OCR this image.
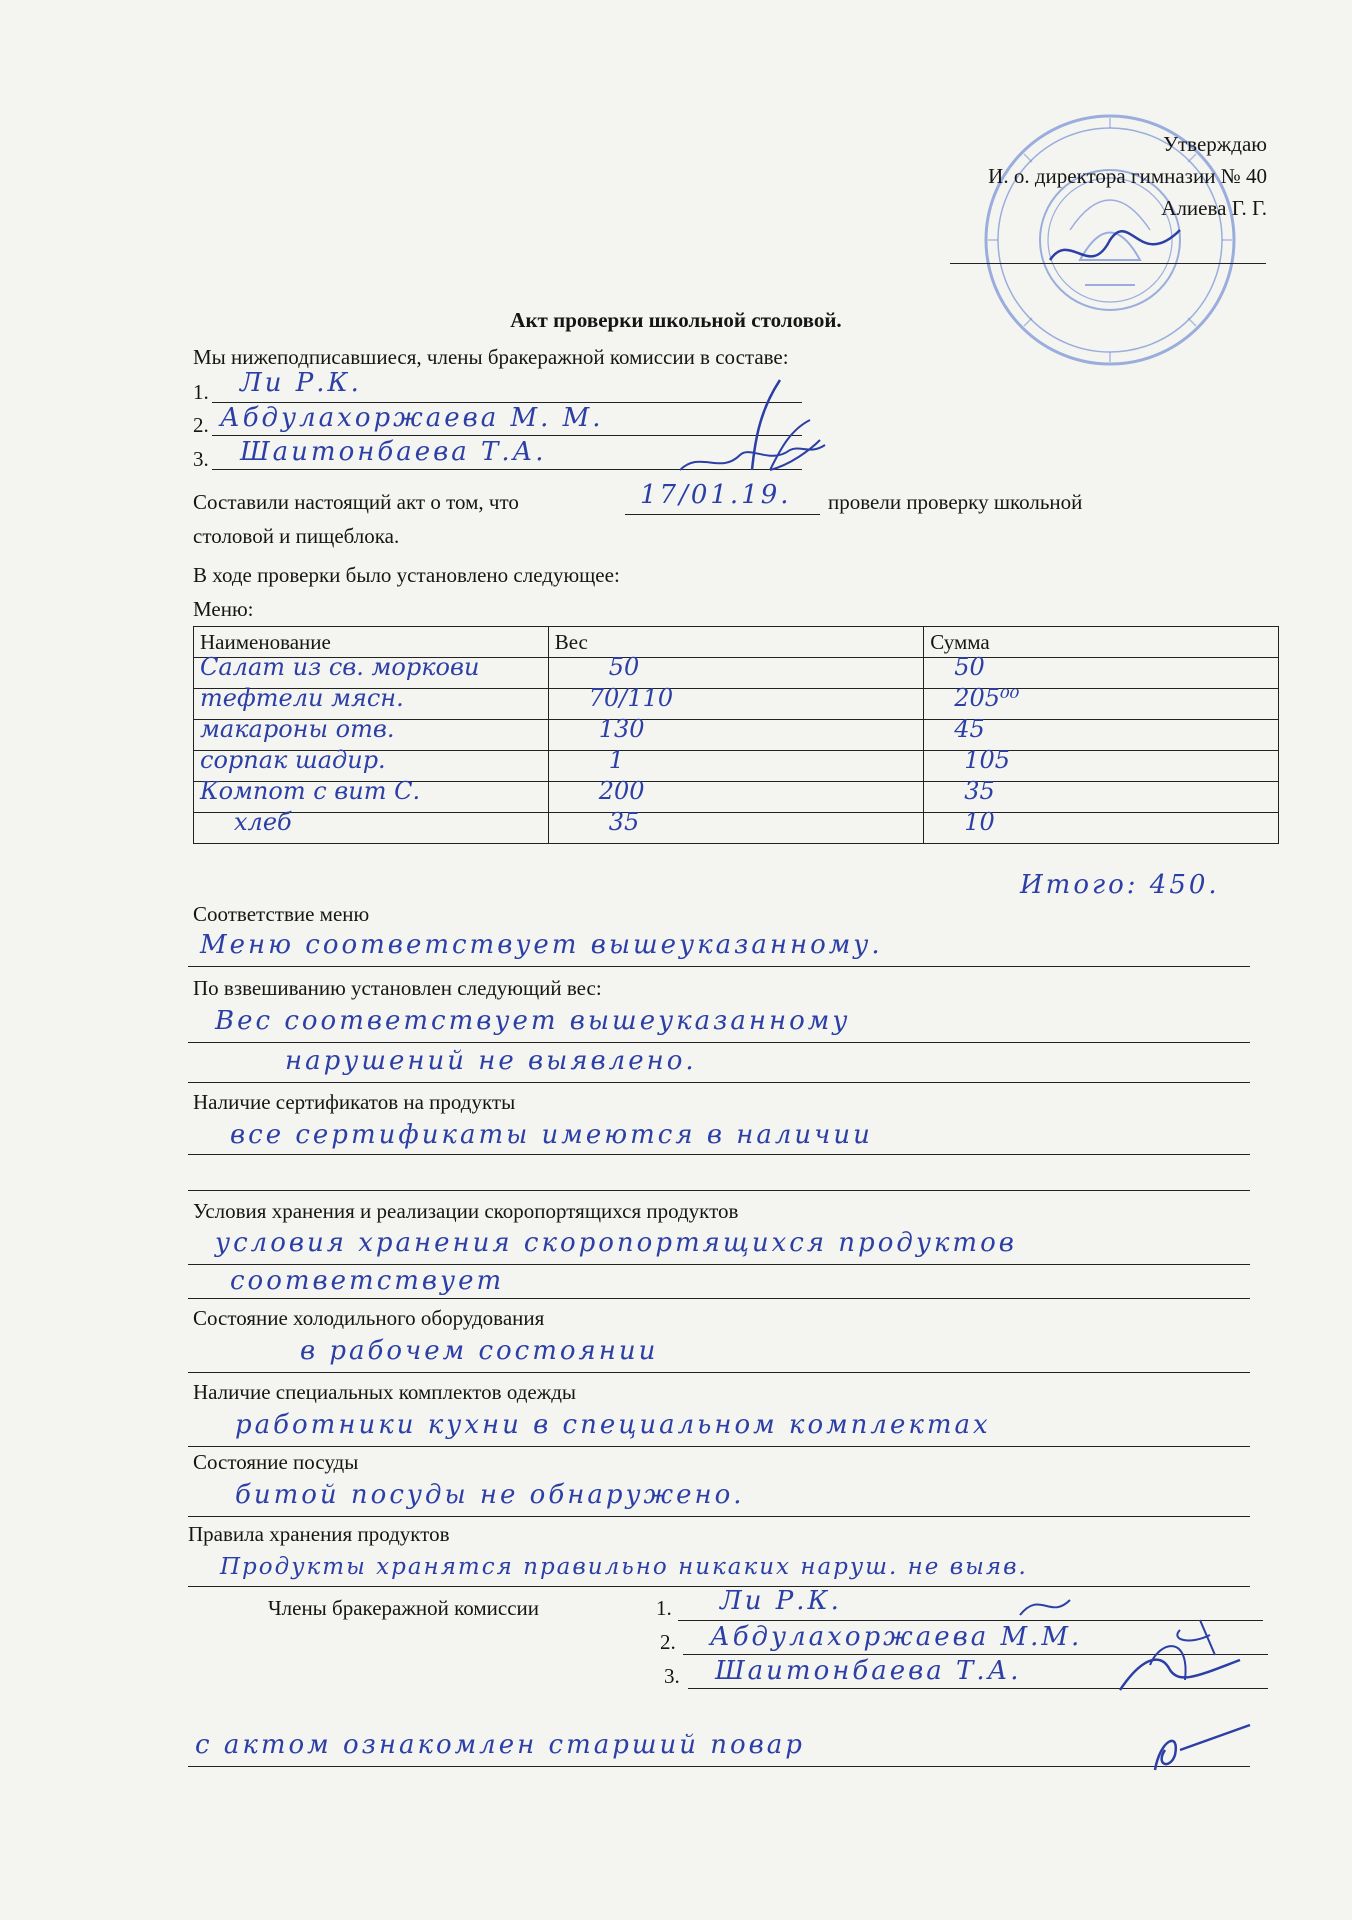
Утверждаю
И. о. директора гимназии № 40
Алиева Г. Г.
Акт проверки школьной столовой.
Мы нижеподписавшиеся, члены бракеражной комиссии в составе:
1. Ли Р.К.
2. Абдулахоржаева М. М.
3. Шаитонбаева Т.А.
Составили настоящий акт о том, что	17/01.19. провели проверку школьной
столовой и пищеблока.
В ходе проверки было установлено следующее:
Меню:
Наименование	Вес	Сумма
Салат из св. моркови	50	50
тефтели мясн.	70/110	205⁰⁰
макароны отв.	130	45
сорпак шадир.	1	105
Компот с вит С.	200	35
хлеб	35	10
Итого: 450.
Соответствие меню
Меню соответствует вышеуказанному.
По взвешиванию установлен следующий вес:
Вес соответствует вышеуказанному
нарушений не выявлено.
Наличие сертификатов на продукты
все сертификаты имеются в наличии
Условия хранения и реализации скоропортящихся продуктов
условия хранения скоропортящихся продуктов
соответствует
Состояние холодильного оборудования
в рабочем состоянии
Наличие специальных комплектов одежды
работники кухни в специальном комплектах
Состояние посуды
битой посуды не обнаружено.
Правила хранения продуктов
Продукты хранятся правильно никаких наруш. не выяв.
Члены бракеражной комиссии	1. Ли Р.К.
2. Абдулахоржаева М.М.
3. Шаитонбаева Т.А.
с актом ознакомлен старший повар
